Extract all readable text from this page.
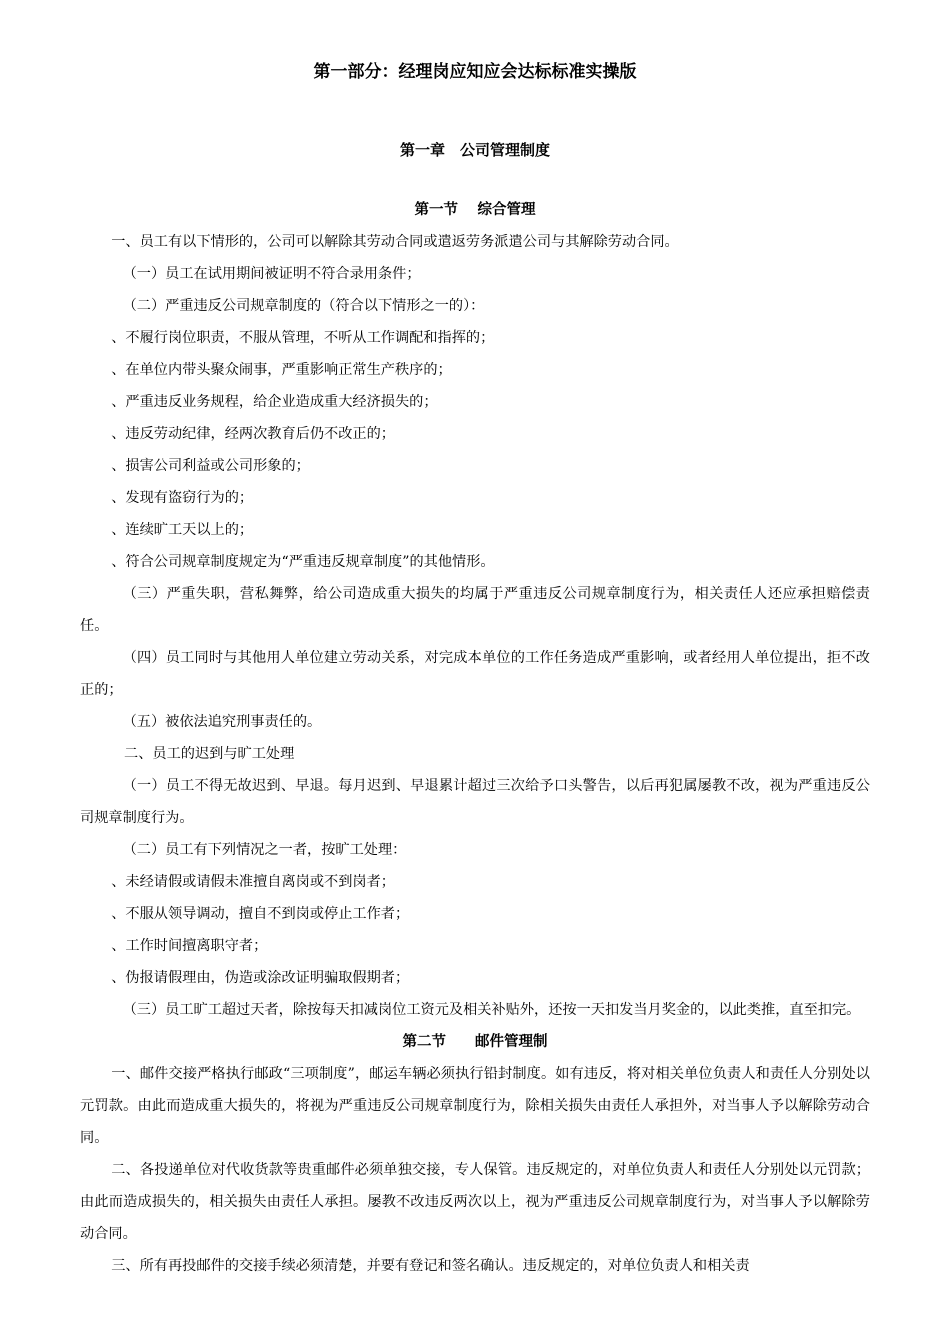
第一部分：经理岗应知应会达标标准实操版
第一章　公司管理制度

第一节　 综合管理

一、员工有以下情形的，公司可以解除其劳动合同或遣返劳务派遣公司与其解除劳动合同。

（一）员工在试用期间被证明不符合录用条件；

（二）严重违反公司规章制度的（符合以下情形之一的）：

、不履行岗位职责，不服从管理，不听从工作调配和指挥的；

、在单位内带头聚众闹事，严重影响正常生产秩序的；

、严重违反业务规程，给企业造成重大经济损失的；

、违反劳动纪律，经两次教育后仍不改正的；

、损害公司利益或公司形象的；

、发现有盗窃行为的；

、连续旷工天以上的；

、符合公司规章制度规定为“严重违反规章制度”的其他情形。

（三）严重失职，营私舞弊，给公司造成重大损失的均属于严重违反公司规章制度行为，相关责任人还应承担赔偿责任。

（四）员工同时与其他用人单位建立劳动关系，对完成本单位的工作任务造成严重影响，或者经用人单位提出，拒不改正的；

（五）被依法追究刑事责任的。

二、员工的迟到与旷工处理

（一）员工不得无故迟到、早退。每月迟到、早退累计超过三次给予口头警告，以后再犯属屡教不改，视为严重违反公司规章制度行为。

（二）员工有下列情况之一者，按旷工处理：

、未经请假或请假未准擅自离岗或不到岗者；

、不服从领导调动，擅自不到岗或停止工作者；

、工作时间擅离职守者；

、伪报请假理由，伪造或涂改证明骗取假期者；

（三）员工旷工超过天者，除按每天扣减岗位工资元及相关补贴外，还按一天扣发当月奖金的，以此类推，直至扣完。

第二节　　邮件管理制

一、邮件交接严格执行邮政“三项制度”，邮运车辆必须执行铅封制度。如有违反，将对相关单位负责人和责任人分别处以元罚款。由此而造成重大损失的，将视为严重违反公司规章制度行为，除相关损失由责任人承担外，对当事人予以解除劳动合同。

二、各投递单位对代收货款等贵重邮件必须单独交接，专人保管。违反规定的，对单位负责人和责任人分别处以元罚款；由此而造成损失的，相关损失由责任人承担。屡教不改违反两次以上，视为严重违反公司规章制度行为，对当事人予以解除劳动合同。

三、所有再投邮件的交接手续必须清楚，并要有登记和签名确认。违反规定的，对单位负责人和相关责
